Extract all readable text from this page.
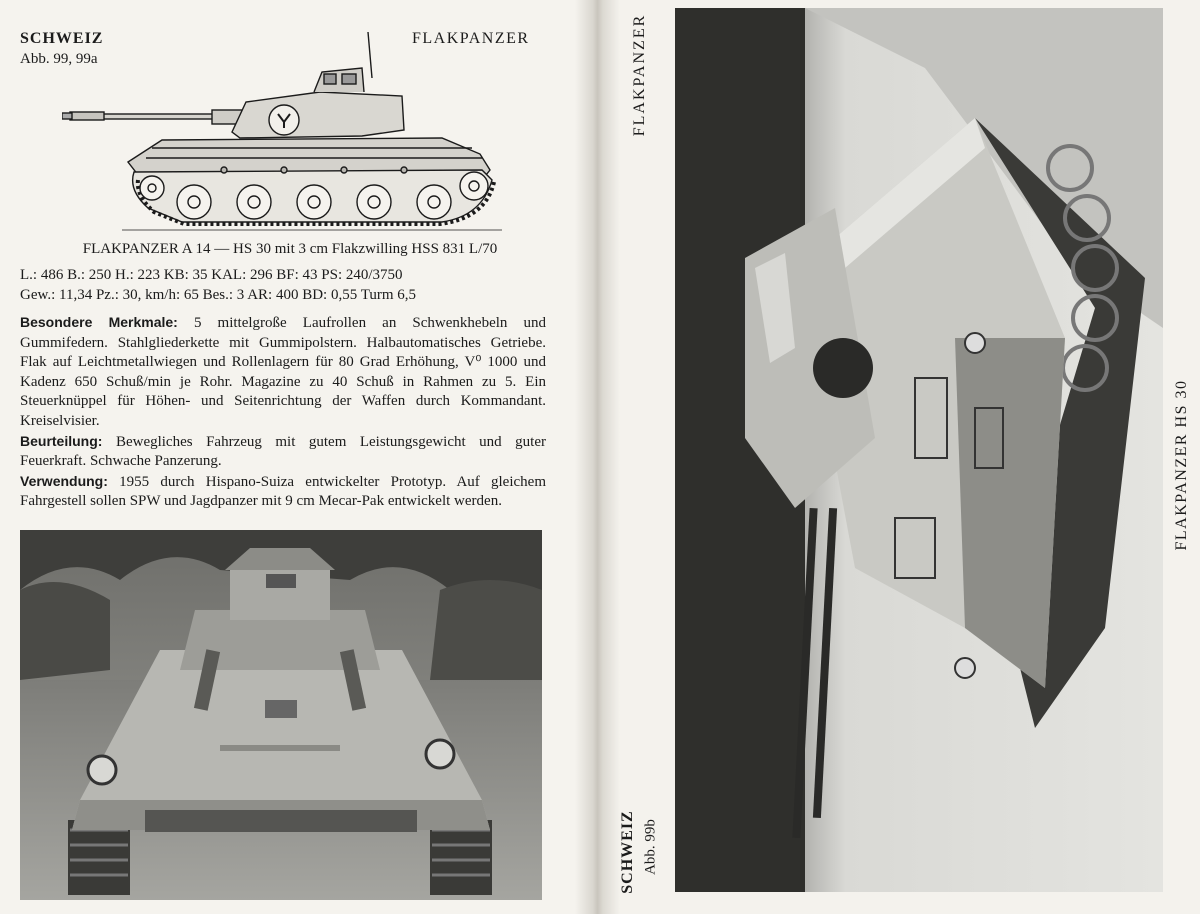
SCHWEIZ
Abb. 99, 99a
FLAKPANZER
FLAKPANZER A 14 — HS 30 mit 3 cm Flakzwilling HSS 831 L/70
L.: 486 B.: 250 H.: 223 KB: 35 KAL: 296 BF: 43 PS: 240/3750
Gew.: 11,34 Pz.: 30, km/h: 65 Bes.: 3 AR: 400 BD: 0,55 Turm 6,5

Besondere Merkmale: 5 mittelgroße Laufrollen an Schwenkhebeln und Gummifedern. Stahlgliederkette mit Gummipolstern. Halbautomatisches Getriebe. Flak auf Leichtmetallwiegen und Rollenlagern für 80 Grad Erhöhung, V⁰ 1000 und Kadenz 650 Schuß/min je Rohr. Magazine zu 40 Schuß in Rahmen zu 5. Ein Steuerknüppel für Höhen- und Seitenrichtung der Waffen durch Kommandant. Kreiselvisier.

Beurteilung: Bewegliches Fahrzeug mit gutem Leistungsgewicht und guter Feuerkraft. Schwache Panzerung.

Verwendung: 1955 durch Hispano-Suiza entwickelter Prototyp. Auf gleichem Fahrgestell sollen SPW und Jagdpanzer mit 9 cm Mecar-Pak entwickelt werden.

FLAKPANZER
FLAKPANZER HS 30
SCHWEIZ Abb. 99b
